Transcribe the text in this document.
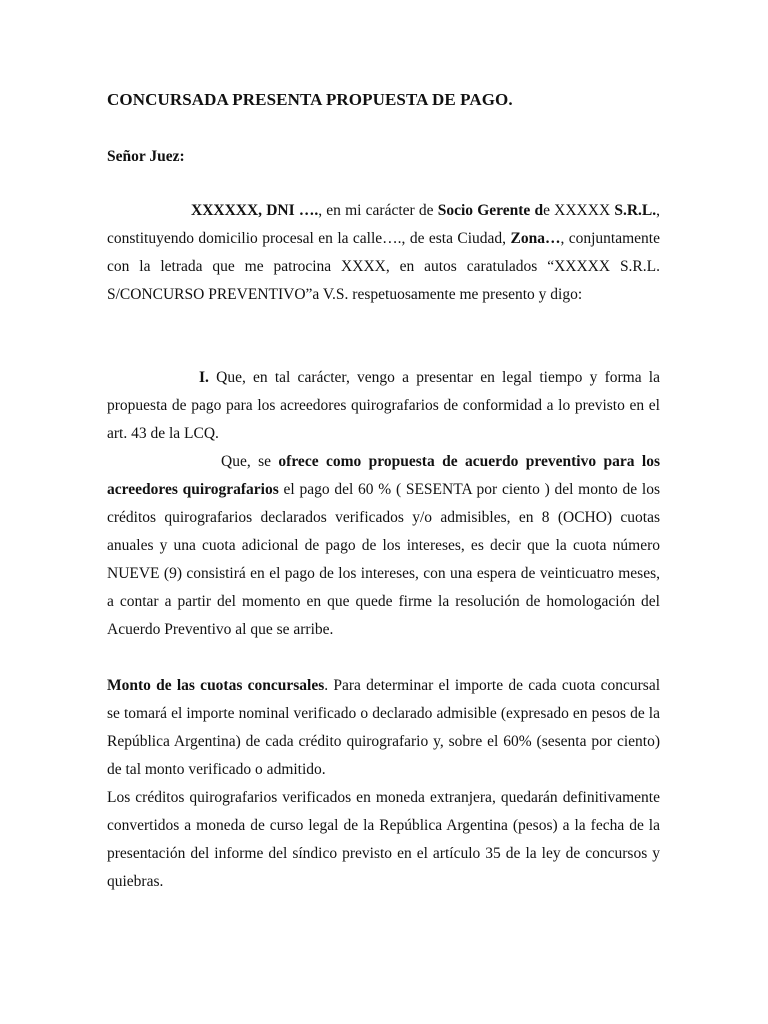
CONCURSADA PRESENTA PROPUESTA DE PAGO.
Señor Juez:
XXXXXX, DNI …., en mi carácter de Socio Gerente de XXXXX S.R.L., constituyendo domicilio procesal en la calle…., de esta Ciudad, Zona…, conjuntamente con la letrada que me patrocina XXXX, en autos caratulados “XXXXX S.R.L. S/CONCURSO PREVENTIVO”a V.S. respetuosamente me presento y digo:
I. Que, en tal carácter, vengo a presentar en legal tiempo y forma la propuesta de pago para los acreedores quirografarios de conformidad a lo previsto en el art. 43 de la LCQ.
Que, se ofrece como propuesta de acuerdo preventivo para los acreedores quirografarios el pago del 60 % ( SESENTA por ciento ) del monto de los créditos quirografarios declarados verificados y/o admisibles, en 8 (OCHO) cuotas anuales y una cuota adicional de pago de los intereses, es decir que la cuota número NUEVE (9) consistirá en el pago de los intereses, con una espera de veinticuatro meses, a contar a partir del momento en que quede firme la resolución de homologación del Acuerdo Preventivo al que se arribe.
Monto de las cuotas concursales. Para determinar el importe de cada cuota concursal se tomará el importe nominal verificado o declarado admisible (expresado en pesos de la República Argentina) de cada crédito quirografario y, sobre el 60% (sesenta por ciento) de tal monto verificado o admitido.
Los créditos quirografarios verificados en moneda extranjera, quedarán definitivamente convertidos a moneda de curso legal de la República Argentina (pesos) a la fecha de la presentación del informe del síndico previsto en el artículo 35 de la ley de concursos y quiebras.
